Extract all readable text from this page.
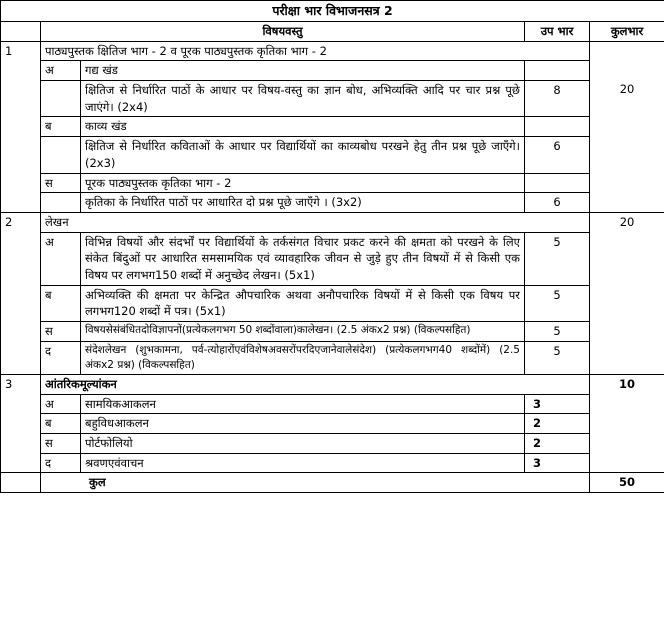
परीक्षा भार विभाजनसत्र 2				
	विषयवस्तु		उप भार	कुलभार
1	पाठ्यपुस्तक क्षितिज भाग - 2 व पूरक पाठ्यपुस्तक कृतिका भाग - 2			20

	अ	गद्य खंड		
		क्षितिज से निर्धारित पाठों के आधार पर विषय-वस्तु का ज्ञान बोध, अभिव्यक्ति आदि पर चार प्रश्न पूछे जाएंगे। (2x4)	8	
	ब	काव्य खंड		
		क्षितिज से निर्धारित कविताओं के आधार पर विद्यार्थियों का काव्यबोध परखने हेतु तीन प्रश्न पूछे जाएँगे। (2x3)	6	
	स	पूरक पाठ्यपुस्तक कृतिका भाग - 2		
		कृतिका के निर्धारित पाठों पर आधारित दो प्रश्न पूछे जाएँगे । (3x2)	6	
2	लेखन			20

	अ	विभिन्न विषयों और संदर्भों पर विद्यार्थियों के तर्कसंगत विचार प्रकट करने की क्षमता को परखने के लिए संकेत बिंदुओं पर आधारित समसामयिक एवं व्यावहारिक जीवन से जुड़े हुए तीन विषयों में से किसी एक विषय पर लगभग150 शब्दों में अनुच्छेद लेखन। (5x1)	5	
	ब	अभिव्यक्ति की क्षमता पर केन्द्रित औपचारिक अथवा अनौपचारिक विषयों में से किसी एक विषय पर लगभग120 शब्दों में पत्र। (5x1)	5	
	स	विषयसेसंबंधितदोविज्ञापनों(प्रत्येकलगभग 50 शब्दोंवाला)कालेखन। (2.5 अंकx2 प्रश्न) (विकल्पसहित)	5	
	द	संदेशलेखन (शुभकामना, पर्व-त्योहारोंएवंविशेषअवसरोंपरदिएजानेवालेसंदेश) (प्रत्येकलगभग40 शब्दोंमें) (2.5 अंकx2 प्रश्न) (विकल्पसहित)	5	
3	आंतरिकमूल्यांकन			10

	अ	सामयिकआकलन	3	
	ब	बहुविधआकलन	2	
	स	पोर्टफोलियो	2	
	द	श्रवणएवंवाचन	3	
	कुल			50
